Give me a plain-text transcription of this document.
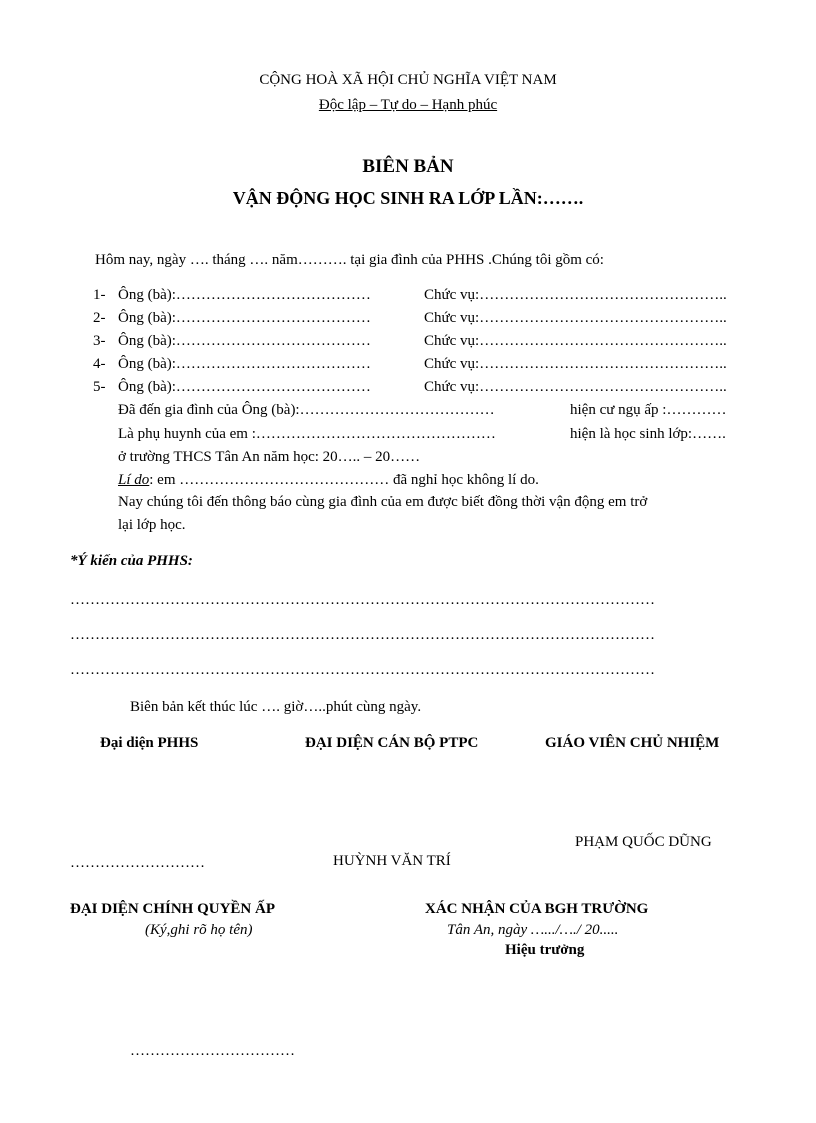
CỘNG HOÀ XÃ HỘI CHỦ NGHĨA VIỆT NAM
Độc lập – Tự do – Hạnh phúc
BIÊN BẢN
VẬN ĐỘNG HỌC SINH RA LỚP LẦN:…….
Hôm nay, ngày …. tháng …. năm………. tại gia đình của PHHS .Chúng tôi gồm có:
1- Ông (bà):…………………………………	Chức vụ:…………………………………………..
2- Ông (bà):…………………………………	Chức vụ:…………………………………………..
3- Ông (bà):…………………………………	Chức vụ:…………………………………………..
4- Ông (bà):…………………………………	Chức vụ:…………………………………………..
5- Ông (bà):…………………………………	Chức vụ:…………………………………………..
Đã đến gia đình của Ông (bà):…………………………………	hiện cư ngụ ấp :…………
Là phụ huynh của em :…………………………………………	hiện là học sinh lớp:…….
ở trường THCS Tân An năm học: 20….. – 20……
Lí do: em …………………………………… đã nghỉ học không lí do.
Nay chúng tôi đến thông báo cùng gia đình của em được biết đồng thời vận động em trở
lại lớp học.
*Ý kiến của PHHS:
………………………………………………………………………………………………………
………………………………………………………………………………………………………
………………………………………………………………………………………………………
Biên bản kết thúc lúc …. giờ…..phút cùng ngày.
Đại diện PHHS	ĐẠI DIỆN CÁN BỘ PTPC	GIÁO VIÊN CHỦ NHIỆM
PHẠM QUỐC DŨNG
………………………	HUỲNH VĂN TRÍ
ĐẠI DIỆN CHÍNH QUYỀN ẤP
(Ký,ghi rõ họ tên)
XÁC NHẬN CỦA BGH TRƯỜNG
Tân An, ngày ….../…./ 20.....
Hiệu trưởng
……………………………
